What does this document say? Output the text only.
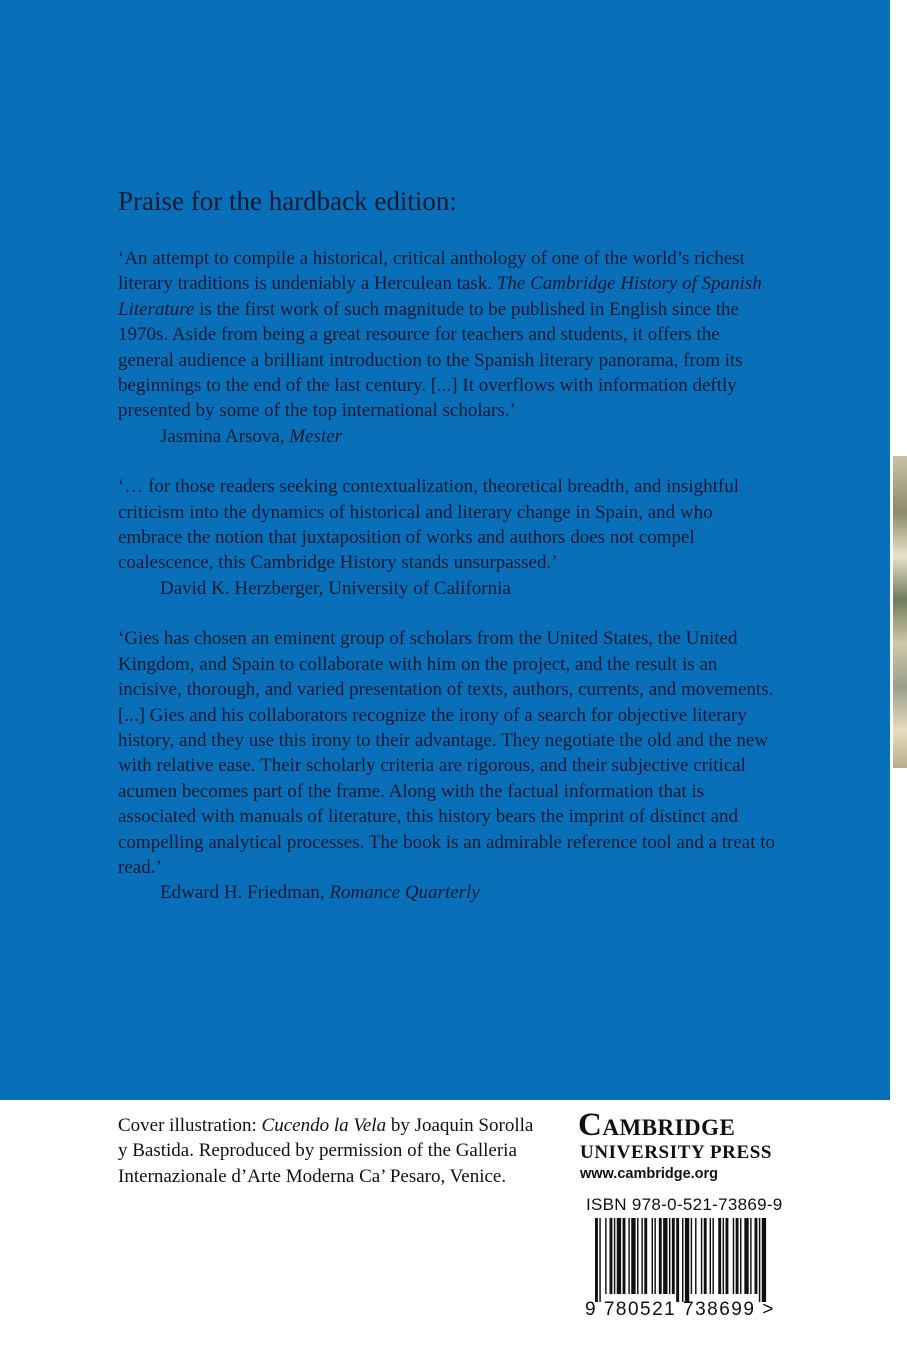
Praise for the hardback edition:

‘An attempt to compile a historical, critical anthology of one of the world’s richest literary traditions is undeniably a Herculean task. The Cambridge History of Spanish Literature is the first work of such magnitude to be published in English since the 1970s. Aside from being a great resource for teachers and students, it offers the general audience a brilliant introduction to the Spanish literary panorama, from its beginnings to the end of the last century. [...] It overflows with information deftly presented by some of the top international scholars.’

Jasmina Arsova, Mester

‘… for those readers seeking contextualization, theoretical breadth, and insightful criticism into the dynamics of historical and literary change in Spain, and who embrace the notion that juxtaposition of works and authors does not compel coalescence, this Cambridge History stands unsurpassed.’

David K. Herzberger, University of California

‘Gies has chosen an eminent group of scholars from the United States, the United Kingdom, and Spain to collaborate with him on the project, and the result is an incisive, thorough, and varied presentation of texts, authors, currents, and movements. [...] Gies and his collaborators recognize the irony of a search for objective literary history, and they use this irony to their advantage. They negotiate the old and the new with relative ease. Their scholarly criteria are rigorous, and their subjective critical acumen becomes part of the frame. Along with the factual information that is associated with manuals of literature, this history bears the imprint of distinct and compelling analytical processes. The book is an admirable reference tool and a treat to read.’

Edward H. Friedman, Romance Quarterly

Cover illustration: Cucendo la Vela by Joaquin Sorolla y Bastida. Reproduced by permission of the Galleria Internazionale d’Arte Moderna Ca’ Pesaro, Venice.
Cambridge
UNIVERSITY PRESS
www.cambridge.org
ISBN 978-0-521-73869-9
9 780521 738699 >
